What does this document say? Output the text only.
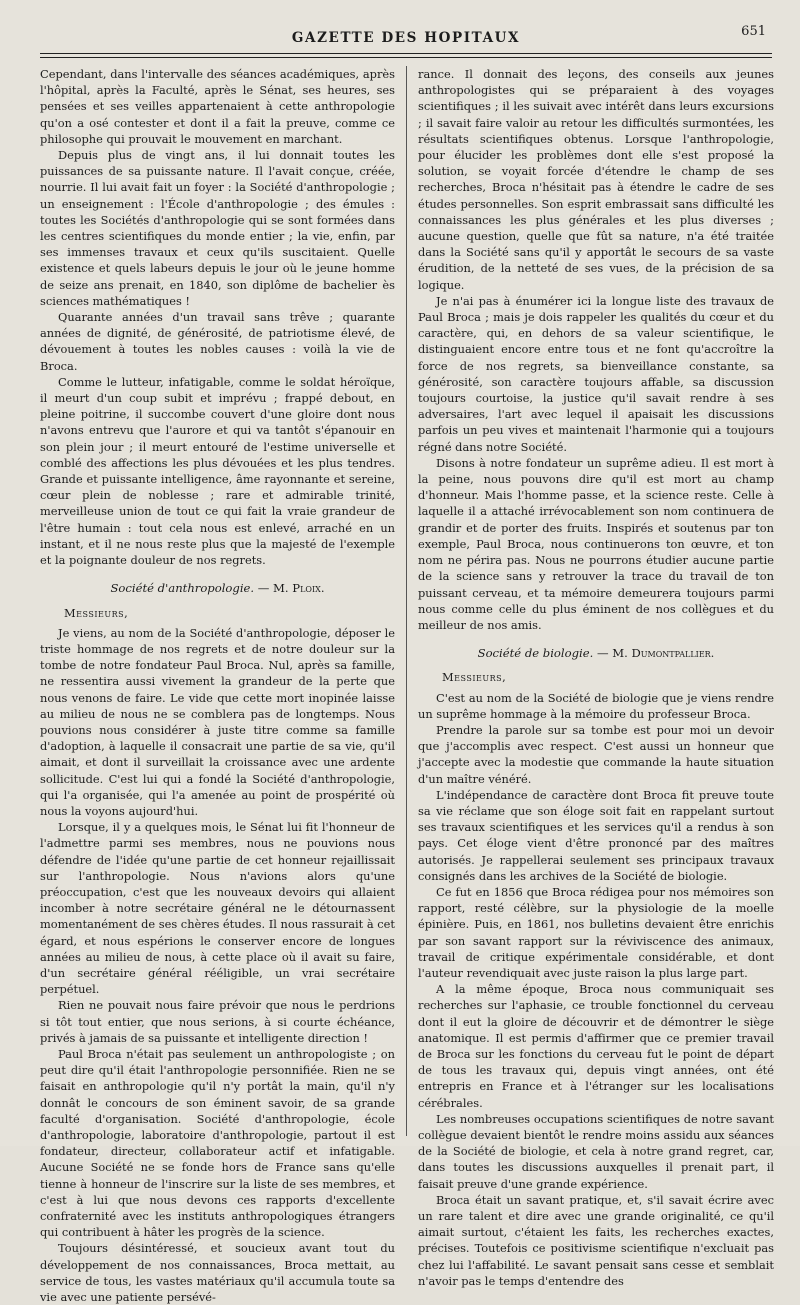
GAZETTE DES HOPITAUX	651

Cependant, dans l'intervalle des séances académiques, après l'hôpital, après la Faculté, après le Sénat, ses heures, ses pensées et ses veilles appartenaient à cette anthropologie qu'on a osé contester et dont il a fait la preuve, comme ce philosophe qui prouvait le mouvement en marchant.

Depuis plus de vingt ans, il lui donnait toutes les puissances de sa puissante nature. Il l'avait conçue, créée, nourrie. Il lui avait fait un foyer : la Société d'anthropologie ; un enseignement : l'École d'anthropologie ; des émules : toutes les Sociétés d'anthropologie qui se sont formées dans les centres scientifiques du monde entier ; la vie, enfin, par ses immenses travaux et ceux qu'ils suscitaient. Quelle existence et quels labeurs depuis le jour où le jeune homme de seize ans prenait, en 1840, son diplôme de bachelier ès sciences mathématiques !

Quarante années d'un travail sans trêve ; quarante années de dignité, de générosité, de patriotisme élevé, de dévouement à toutes les nobles causes : voilà la vie de Broca.

Comme le lutteur, infatigable, comme le soldat héroïque, il meurt d'un coup subit et imprévu ; frappé debout, en pleine poitrine, il succombe couvert d'une gloire dont nous n'avons entrevu que l'aurore et qui va tantôt s'épanouir en son plein jour ; il meurt entouré de l'estime universelle et comblé des affections les plus dévouées et les plus tendres. Grande et puissante intelligence, âme rayonnante et sereine, cœur plein de noblesse ; rare et admirable trinité, merveilleuse union de tout ce qui fait la vraie grandeur de l'être humain : tout cela nous est enlevé, arraché en un instant, et il ne nous reste plus que la majesté de l'exemple et la poignante douleur de nos regrets.

Société d'anthropologie. — M. Ploix.
Messieurs,

Je viens, au nom de la Société d'anthropologie, déposer le triste hommage de nos regrets et de notre douleur sur la tombe de notre fondateur Paul Broca. Nul, après sa famille, ne ressentira aussi vivement la grandeur de la perte que nous venons de faire. Le vide que cette mort inopinée laisse au milieu de nous ne se comblera pas de longtemps. Nous pouvions nous considérer à juste titre comme sa famille d'adoption, à laquelle il consacrait une partie de sa vie, qu'il aimait, et dont il surveillait la croissance avec une ardente sollicitude. C'est lui qui a fondé la Société d'anthropologie, qui l'a organisée, qui l'a amenée au point de prospérité où nous la voyons aujourd'hui.

Lorsque, il y a quelques mois, le Sénat lui fit l'honneur de l'admettre parmi ses membres, nous ne pouvions nous défendre de l'idée qu'une partie de cet honneur rejaillissait sur l'anthropologie. Nous n'avions alors qu'une préoccupation, c'est que les nouveaux devoirs qui allaient incomber à notre secrétaire général ne le détournassent momentanément de ses chères études. Il nous rassurait à cet égard, et nous espérions le conserver encore de longues années au milieu de nous, à cette place où il avait su faire, d'un secrétaire général rééligible, un vrai secrétaire perpétuel.

Rien ne pouvait nous faire prévoir que nous le perdrions si tôt tout entier, que nous serions, à si courte échéance, privés à jamais de sa puissante et intelligente direction !

Paul Broca n'était pas seulement un anthropologiste ; on peut dire qu'il était l'anthropologie personnifiée. Rien ne se faisait en anthropologie qu'il n'y portât la main, qu'il n'y donnât le concours de son éminent savoir, de sa grande faculté d'organisation. Société d'anthropologie, école d'anthropologie, laboratoire d'anthropologie, partout il est fondateur, directeur, collaborateur actif et infatigable. Aucune Société ne se fonde hors de France sans qu'elle tienne à honneur de l'inscrire sur la liste de ses membres, et c'est à lui que nous devons ces rapports d'excellente confraternité avec les instituts anthropologiques étrangers qui contribuent à hâter les progrès de la science.

Toujours désintéressé, et soucieux avant tout du développement de nos connaissances, Broca mettait, au service de tous, les vastes matériaux qu'il accumula toute sa vie avec une patiente persévé-

rance. Il donnait des leçons, des conseils aux jeunes anthropologistes qui se préparaient à des voyages scientifiques ; il les suivait avec intérêt dans leurs excursions ; il savait faire valoir au retour les difficultés surmontées, les résultats scientifiques obtenus. Lorsque l'anthropologie, pour élucider les problèmes dont elle s'est proposé la solution, se voyait forcée d'étendre le champ de ses recherches, Broca n'hésitait pas à étendre le cadre de ses études personnelles. Son esprit embrassait sans difficulté les connaissances les plus générales et les plus diverses ; aucune question, quelle que fût sa nature, n'a été traitée dans la Société sans qu'il y apportât le secours de sa vaste érudition, de la netteté de ses vues, de la précision de sa logique.

Je n'ai pas à énumérer ici la longue liste des travaux de Paul Broca ; mais je dois rappeler les qualités du cœur et du caractère, qui, en dehors de sa valeur scientifique, le distinguaient encore entre tous et ne font qu'accroître la force de nos regrets, sa bienveillance constante, sa générosité, son caractère toujours affable, sa discussion toujours courtoise, la justice qu'il savait rendre à ses adversaires, l'art avec lequel il apaisait les discussions parfois un peu vives et maintenait l'harmonie qui a toujours régné dans notre Société.

Disons à notre fondateur un suprême adieu. Il est mort à la peine, nous pouvons dire qu'il est mort au champ d'honneur. Mais l'homme passe, et la science reste. Celle à laquelle il a attaché irrévocablement son nom continuera de grandir et de porter des fruits. Inspirés et soutenus par ton exemple, Paul Broca, nous continuerons ton œuvre, et ton nom ne périra pas. Nous ne pourrons étudier aucune partie de la science sans y retrouver la trace du travail de ton puissant cerveau, et ta mémoire demeurera toujours parmi nous comme celle du plus éminent de nos collègues et du meilleur de nos amis.

Société de biologie. — M. Dumontpallier.
Messieurs,

C'est au nom de la Société de biologie que je viens rendre un suprême hommage à la mémoire du professeur Broca.

Prendre la parole sur sa tombe est pour moi un devoir que j'accomplis avec respect. C'est aussi un honneur que j'accepte avec la modestie que commande la haute situation d'un maître vénéré.

L'indépendance de caractère dont Broca fit preuve toute sa vie réclame que son éloge soit fait en rappelant surtout ses travaux scientifiques et les services qu'il a rendus à son pays. Cet éloge vient d'être prononcé par des maîtres autorisés. Je rappellerai seulement ses principaux travaux consignés dans les archives de la Société de biologie.

Ce fut en 1856 que Broca rédigea pour nos mémoires son rapport, resté célèbre, sur la physiologie de la moelle épinière. Puis, en 1861, nos bulletins devaient être enrichis par son savant rapport sur la réviviscence des animaux, travail de critique expérimentale considérable, et dont l'auteur revendiquait avec juste raison la plus large part.

A la même époque, Broca nous communiquait ses recherches sur l'aphasie, ce trouble fonctionnel du cerveau dont il eut la gloire de découvrir et de démontrer le siège anatomique. Il est permis d'affirmer que ce premier travail de Broca sur les fonctions du cerveau fut le point de départ de tous les travaux qui, depuis vingt années, ont été entrepris en France et à l'étranger sur les localisations cérébrales.

Les nombreuses occupations scientifiques de notre savant collègue devaient bientôt le rendre moins assidu aux séances de la Société de biologie, et cela à notre grand regret, car, dans toutes les discussions auxquelles il prenait part, il faisait preuve d'une grande expérience.

Broca était un savant pratique, et, s'il savait écrire avec un rare talent et dire avec une grande originalité, ce qu'il aimait surtout, c'étaient les faits, les recherches exactes, précises. Toutefois ce positivisme scientifique n'excluait pas chez lui l'affabilité. Le savant pensait sans cesse et semblait n'avoir pas le temps d'entendre des
